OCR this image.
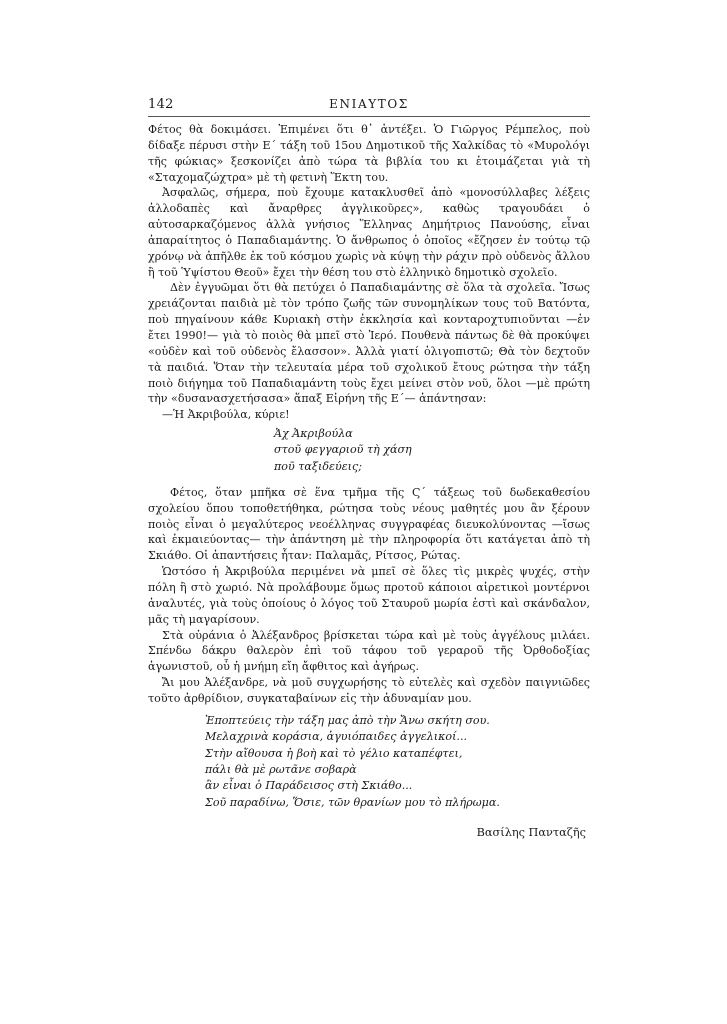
142	ΕΝΙΑΥΤΟΣ

Φέτος θὰ δοκιμάσει. Ἐπιμένει ὅτι θ᾽ ἀντέξει. Ὁ Γιῶργος Ρέμπελος, ποὺ δίδαξε πέρυσι στὴν Ε΄ τάξη τοῦ 15ου Δημοτικοῦ τῆς Χαλκίδας τὸ «Μυρολόγι τῆς φώκιας» ξεσκονίζει ἀπὸ τώρα τὰ βιβλία του κι ἑτοιμάζεται γιὰ τὴ «Σταχομαζώχτρα» μὲ τὴ φετινὴ Ἕκτη του.

Ἀσφαλῶς, σήμερα, ποὺ ἔχουμε κατακλυσθεῖ ἀπὸ «μονοσύλλαβες λέξεις ἀλλοδαπὲς καὶ ἄναρθρες ἀγγλικοῦρες», καθὼς τραγουδάει ὁ αὐτοσαρκαζόμενος ἀλλὰ γνήσιος Ἕλληνας Δημήτριος Πανούσης, εἶναι ἀπαραίτητος ὁ Παπαδιαμάντης. Ὁ ἄνθρωπος ὁ ὁποῖος «ἔζησεν ἐν τούτῳ τῷ χρόνῳ νὰ ἀπῆλθε ἐκ τοῦ κόσμου χωρὶς νὰ κύψῃ τὴν ράχιν πρὸ οὐδενὸς ἄλλου ἢ τοῦ Ὑψίστου Θεοῦ» ἔχει τὴν θέση του στὸ ἑλληνικὸ δημοτικὸ σχολεῖο.

Δὲν ἐγγυῶμαι ὅτι θὰ πετύχει ὁ Παπαδιαμάντης σὲ ὅλα τὰ σχολεῖα. Ἴσως χρειάζονται παιδιὰ μὲ τὸν τρόπο ζωῆς τῶν συνομηλίκων τους τοῦ Βατόντα, ποὺ πηγαίνουν κάθε Κυριακὴ στὴν ἐκκλησία καὶ κονταροχτυπιοῦνται —ἐν ἔτει 1990!— γιὰ τὸ ποιὸς θὰ μπεῖ στὸ Ἱερό. Πουθενὰ πάντως δὲ θὰ προκύψει «οὐδὲν καὶ τοῦ οὐδενὸς ἔλασσον». Ἀλλὰ γιατί ὀλιγοπιστῶ; Θὰ τὸν δεχτοῦν τὰ παιδιά. Ὅταν τὴν τελευταία μέρα τοῦ σχολικοῦ ἔτους ρώτησα τὴν τάξη ποιὸ διήγημα τοῦ Παπαδιαμάντη τοὺς ἔχει μείνει στὸν νοῦ, ὅλοι —μὲ πρώτη τὴν «δυσανασχετήσασα» ἅπαξ Εἰρήνη τῆς Ε΄— ἀπάντησαν:

—Ἡ Ἀκριβούλα, κύριε!

Ἀχ Ἀκριβούλα
στοῦ φεγγαριοῦ τὴ χάση
ποῦ ταξιδεύεις;

Φέτος, ὅταν μπῆκα σὲ ἕνα τμῆμα τῆς Ϛ΄ τάξεως τοῦ δωδεκαθεσίου σχολείου ὅπου τοποθετήθηκα, ρώτησα τοὺς νέους μαθητές μου ἂν ξέρουν ποιὸς εἶναι ὁ μεγαλύτερος νεοέλληνας συγγραφέας διευκολύνοντας —ἴσως καὶ ἐκμαιεύοντας— τὴν ἀπάντηση μὲ τὴν πληροφορία ὅτι κατάγεται ἀπὸ τὴ Σκιάθο. Οἱ ἀπαντήσεις ἦταν: Παλαμᾶς, Ρίτσος, Ρώτας.

Ὡστόσο ἡ Ἀκριβούλα περιμένει νὰ μπεῖ σὲ ὅλες τὶς μικρὲς ψυχές, στὴν πόλη ἢ στὸ χωριό. Νὰ προλάβουμε ὅμως προτοῦ κάποιοι αἱρετικοὶ μοντέρνοι ἀναλυτές, γιὰ τοὺς ὁποίους ὁ λόγος τοῦ Σταυροῦ μωρία ἐστὶ καὶ σκάνδαλον, μᾶς τὴ μαγαρίσουν.

Στὰ οὐράνια ὁ Ἀλέξανδρος βρίσκεται τώρα καὶ μὲ τοὺς ἀγγέλους μιλάει. Σπένδω δάκρυ θαλερὸν ἐπὶ τοῦ τάφου τοῦ γεραροῦ τῆς Ὀρθοδοξίας ἀγωνιστοῦ, οὗ ἡ μνήμη εἴη ἄφθιτος καὶ ἀγήρως.

Ἄι μου Ἀλέξανδρε, νὰ μοῦ συγχωρήσης τὸ εὐτελὲς καὶ σχεδὸν παιγνιῶδες τοῦτο ἀρθρίδιον, συγκαταβαίνων εἰς τὴν ἀδυναμίαν μου.

Ἐποπτεύεις τὴν τάξη μας ἀπὸ τὴν Ἄνω σκήτη σου.
Μελαχρινὰ κοράσια, ἀγυιόπαιδες ἀγγελικοί...
Στὴν αἴθουσα ἡ βοὴ καὶ τὸ γέλιο καταπέφτει,
πάλι θὰ μὲ ρωτᾶνε σοβαρὰ
ἂν εἶναι ὁ Παράδεισος στὴ Σκιάθο...
Σοῦ παραδίνω, Ὅσιε, τῶν θρανίων μου τὸ πλήρωμα.
Βασίλης Πανταζῆς
